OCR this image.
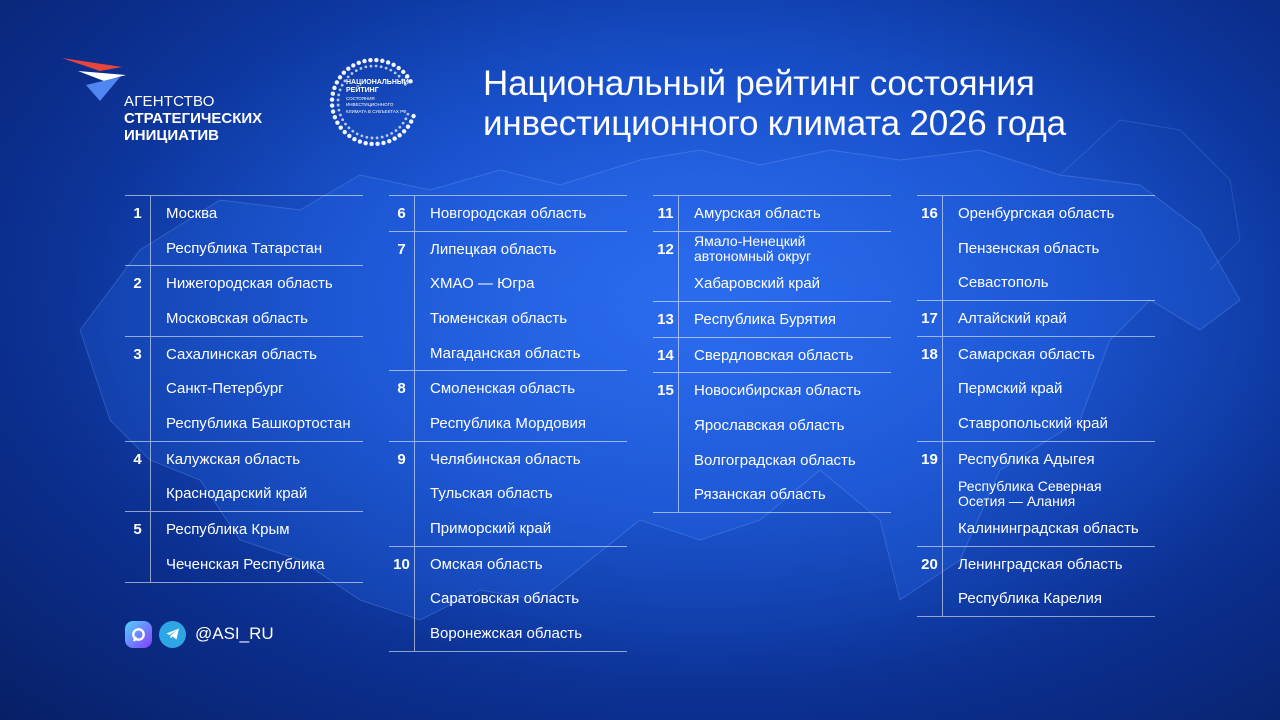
АГЕНТСТВО
СТРАТЕГИЧЕСКИХ
ИНИЦИАТИВ
НАЦИОНАЛЬНЫЙ
РЕЙТИНГ
СОСТОЯНИЯ
ИНВЕСТИЦИОННОГО
КЛИМАТА В СУБЪЕКТАХ РФ
Национальный рейтинг состояния
инвестиционного климата 2026 года
1	Москва
Республика Татарстан
2	Нижегородская область
Московская область
3	Сахалинская область
Санкт-Петербург
Республика Башкортостан
4	Калужская область
Краснодарский край
5	Республика Крым
Чеченская Республика
6	Новгородская область
7	Липецкая область
ХМАО — Югра
Тюменская область
Магаданская область
8	Смоленская область
Республика Мордовия
9	Челябинская область
Тульская область
Приморский край
10	Омская область
Саратовская область
Воронежская область
11	Амурская область
12	Ямало-Ненецкий автономный округ
Хабаровский край
13	Республика Бурятия
14	Свердловская область
15	Новосибирская область
Ярославская область
Волгоградская область
Рязанская область
16	Оренбургская область
Пензенская область
Севастополь
17	Алтайский край
18	Самарская область
Пермский край
Ставропольский край
19	Республика Адыгея
Республика Северная Осетия — Алания
Калининградская область
20	Ленинградская область
Республика Карелия
@ASI_RU
